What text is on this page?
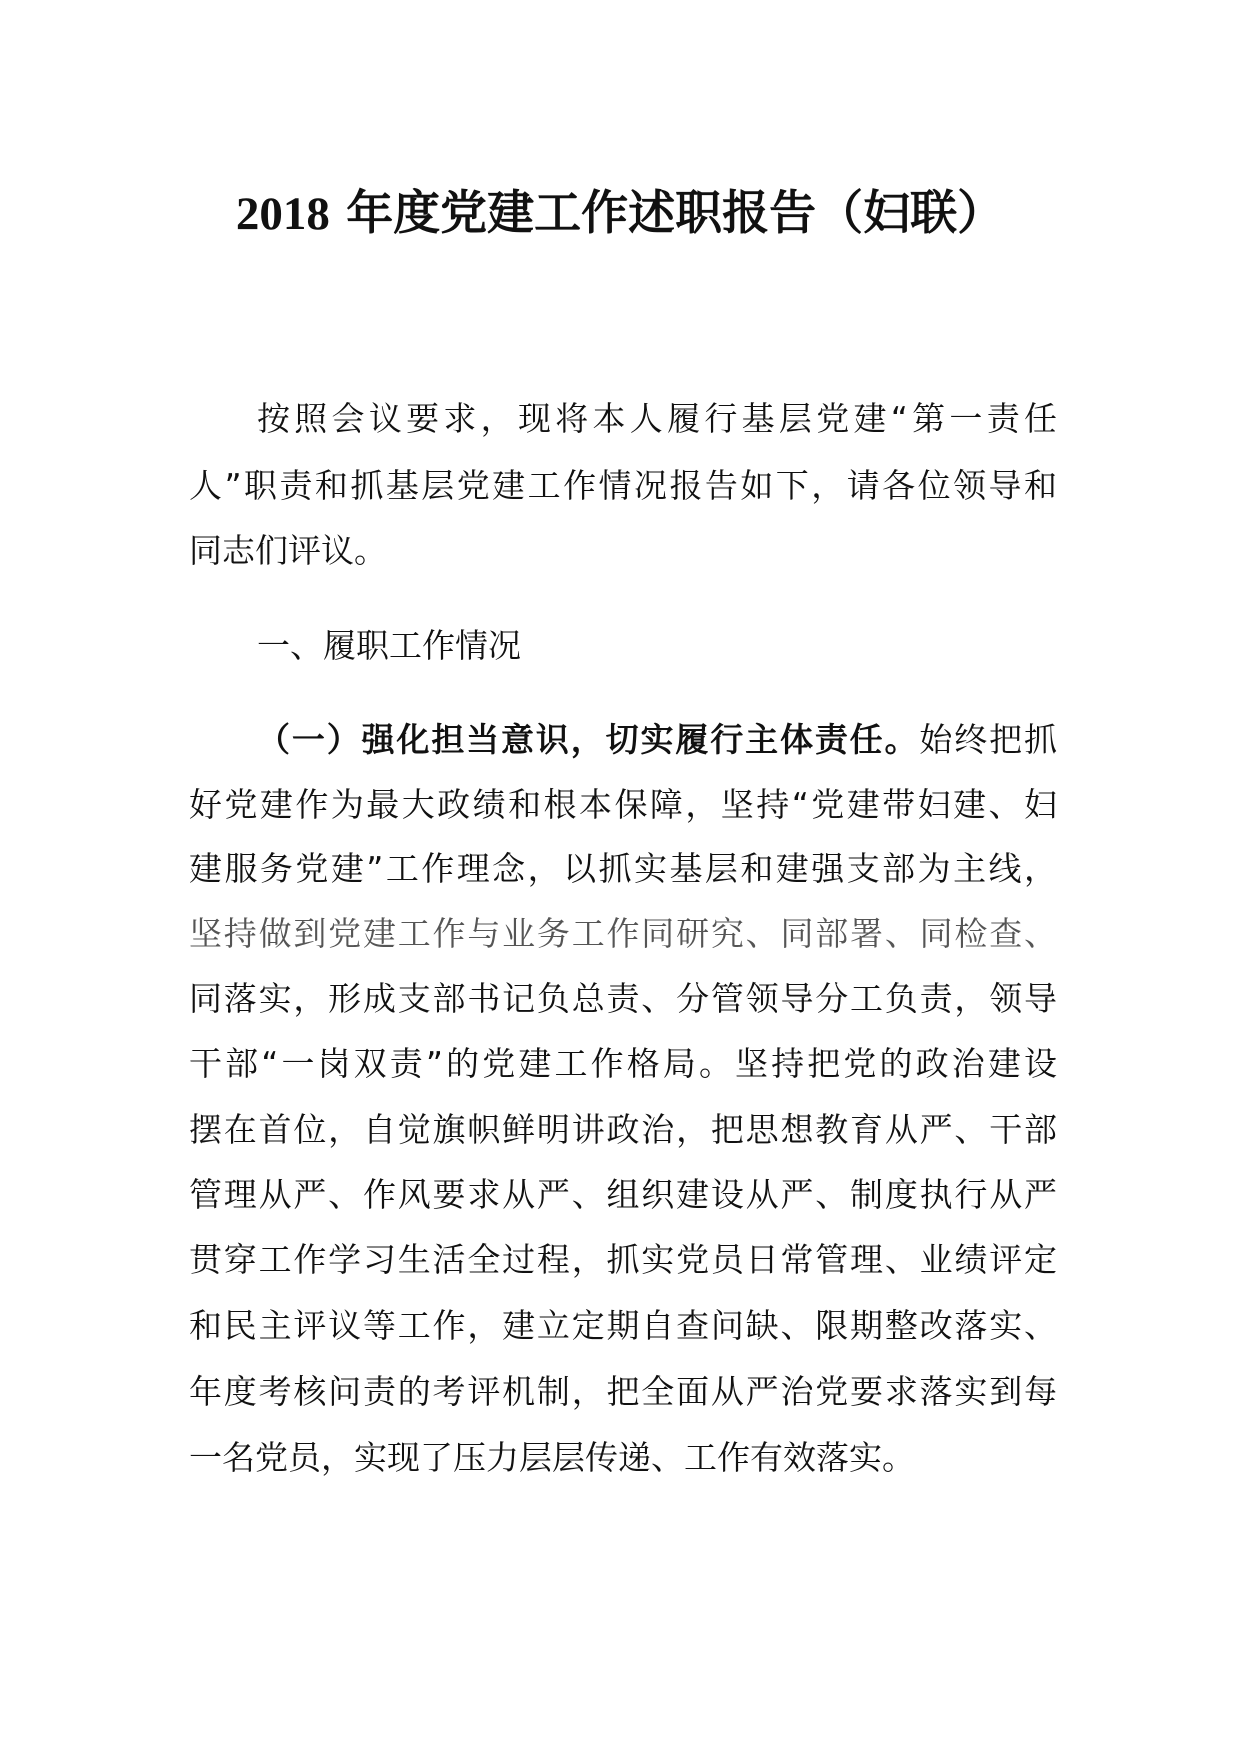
2018 年度党建工作述职报告（妇联）
按照会议要求，现将本人履行基层党建“第一责任
人”职责和抓基层党建工作情况报告如下，请各位领导和
同志们评议。
一、履职工作情况
（一）强化担当意识，切实履行主体责任。始终把抓
好党建作为最大政绩和根本保障，坚持“党建带妇建、妇
建服务党建”工作理念，以抓实基层和建强支部为主线，
坚持做到党建工作与业务工作同研究、同部署、同检查、
同落实，形成支部书记负总责、分管领导分工负责，领导
干部“一岗双责”的党建工作格局。坚持把党的政治建设
摆在首位，自觉旗帜鲜明讲政治，把思想教育从严、干部
管理从严、作风要求从严、组织建设从严、制度执行从严
贯穿工作学习生活全过程，抓实党员日常管理、业绩评定
和民主评议等工作，建立定期自查问缺、限期整改落实、
年度考核问责的考评机制，把全面从严治党要求落实到每
一名党员，实现了压力层层传递、工作有效落实。
